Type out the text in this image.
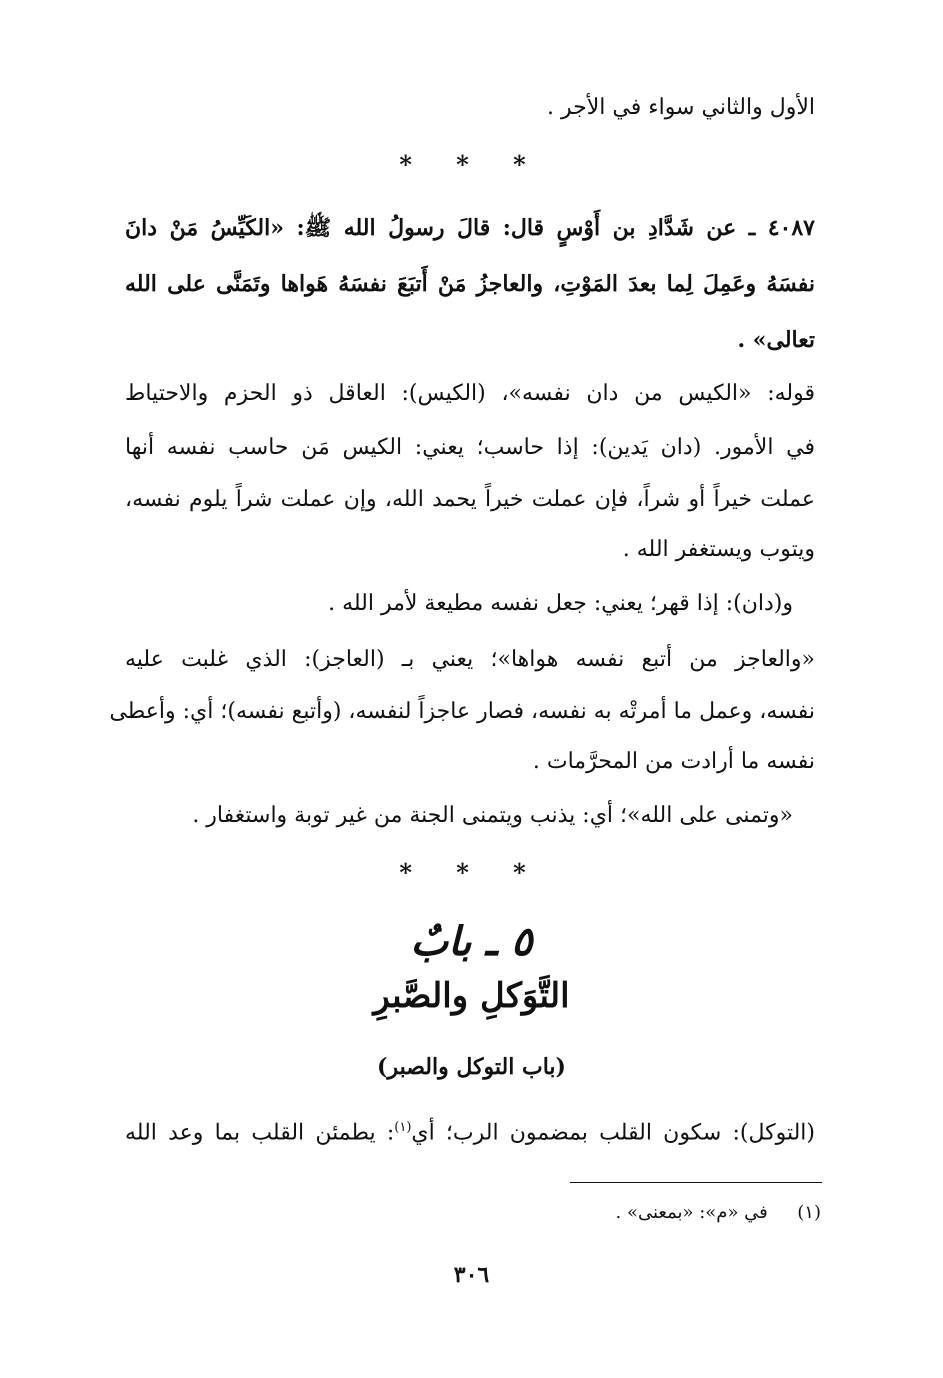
الأول والثاني سواء في الأجر .
* * *
٤٠٨٧ ـ عن شَدَّادِ بن أَوْسٍ قال: قالَ رسولُ الله ﷺ: «الكَيِّسُ مَنْ دانَ
نفسَهُ وعَمِلَ لِما بعدَ المَوْتِ، والعاجزُ مَنْ أَتبَعَ نفسَهُ هَواها وتَمَنَّى على الله
تعالى» .
قوله: «الكيس من دان نفسه»، (الكيس): العاقل ذو الحزم والاحتياط
في الأمور. (دان يَدين): إذا حاسب؛ يعني: الكيس مَن حاسب نفسه أنها
عملت خيراً أو شراً، فإن عملت خيراً يحمد الله، وإن عملت شراً يلوم نفسه،
ويتوب ويستغفر الله .
و(دان): إذا قهر؛ يعني: جعل نفسه مطيعة لأمر الله .
«والعاجز من أتبع نفسه هواها»؛ يعني بـ (العاجز): الذي غلبت عليه
نفسه، وعمل ما أمرتْه به نفسه، فصار عاجزاً لنفسه، (وأتبع نفسه)؛ أي: وأعطى
نفسه ما أرادت من المحرَّمات .
«وتمنى على الله»؛ أي: يذنب ويتمنى الجنة من غير توبة واستغفار .
* * *
٥ ـ بابٌ
التَّوَكلِ والصَّبرِ
(باب التوكل والصبر)
(التوكل): سكون القلب بمضمون الرب؛ أي$^{(١)}$: يطمئن القلب بما وعد الله
(١)  في «م»: «بمعنى» .
٣٠٦
